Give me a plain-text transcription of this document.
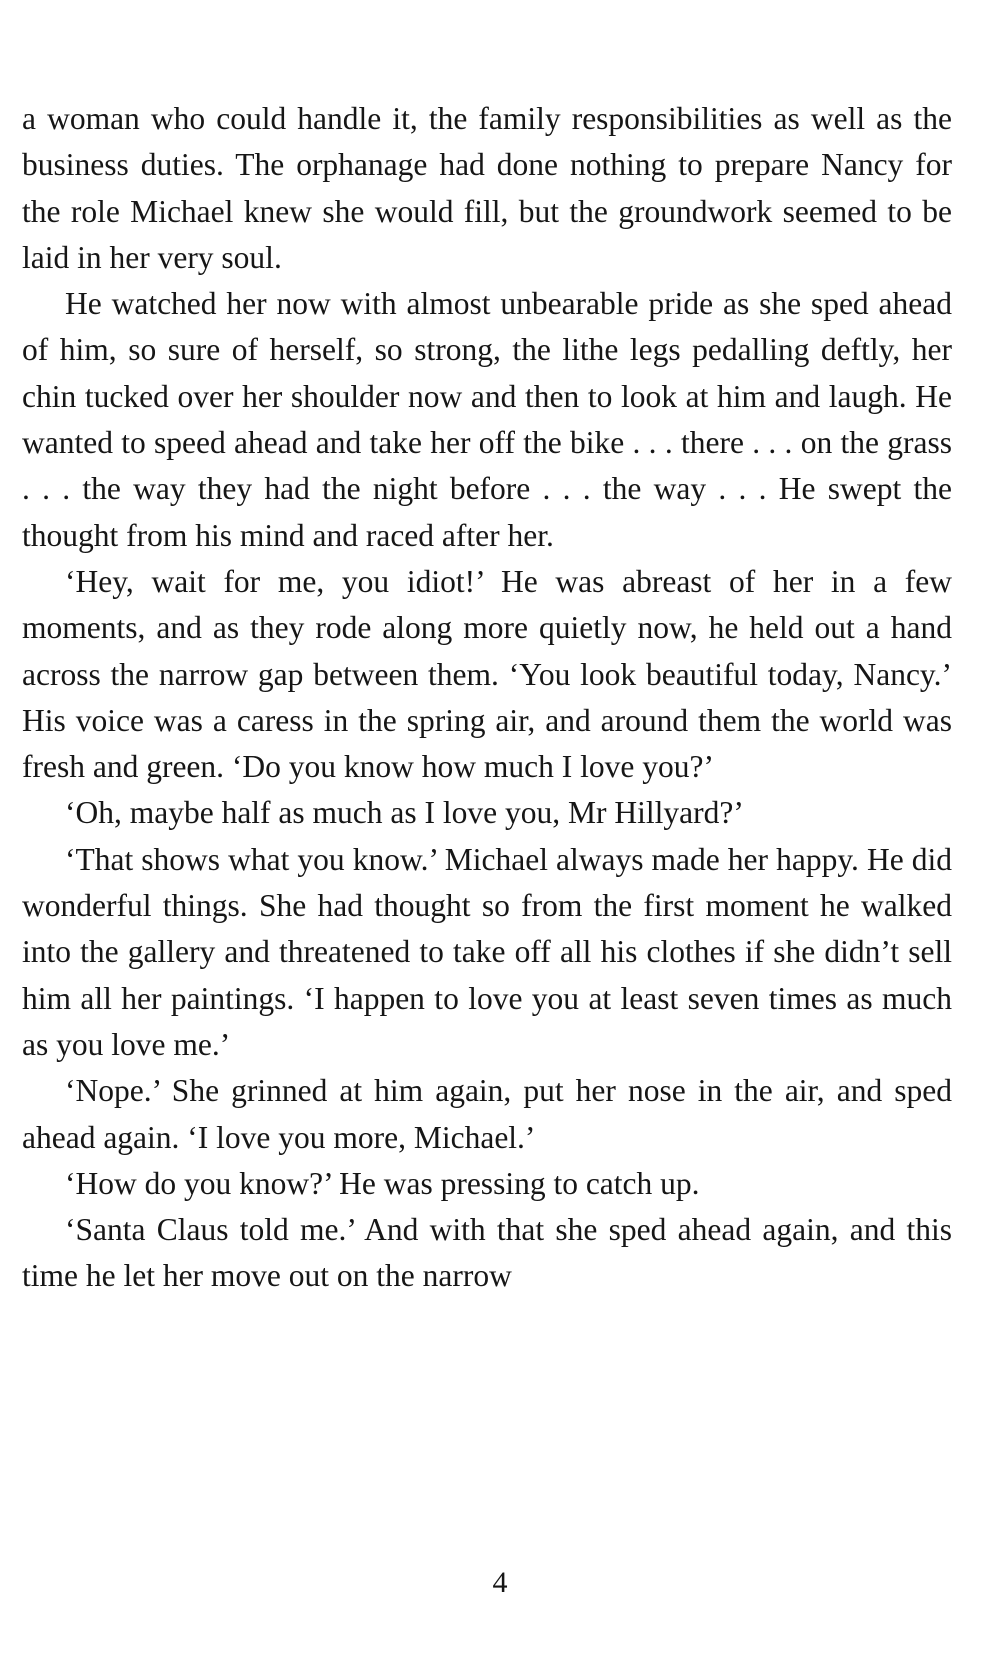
a woman who could handle it, the family responsibilities as well as the business duties. The orphanage had done nothing to prepare Nancy for the role Michael knew she would fill, but the groundwork seemed to be laid in her very soul.

He watched her now with almost unbearable pride as she sped ahead of him, so sure of herself, so strong, the lithe legs pedalling deftly, her chin tucked over her shoulder now and then to look at him and laugh. He wanted to speed ahead and take her off the bike . . . there . . . on the grass . . . the way they had the night before . . . the way . . . He swept the thought from his mind and raced after her.

‘Hey, wait for me, you idiot!’ He was abreast of her in a few moments, and as they rode along more quietly now, he held out a hand across the narrow gap between them. ‘You look beautiful today, Nancy.’ His voice was a caress in the spring air, and around them the world was fresh and green. ‘Do you know how much I love you?’

‘Oh, maybe half as much as I love you, Mr Hillyard?’

‘That shows what you know.’ Michael always made her happy. He did wonderful things. She had thought so from the first moment he walked into the gallery and threatened to take off all his clothes if she didn’t sell him all her paintings. ‘I happen to love you at least seven times as much as you love me.’

‘Nope.’ She grinned at him again, put her nose in the air, and sped ahead again. ‘I love you more, Michael.’

‘How do you know?’ He was pressing to catch up.

‘Santa Claus told me.’ And with that she sped ahead again, and this time he let her move out on the narrow

4
